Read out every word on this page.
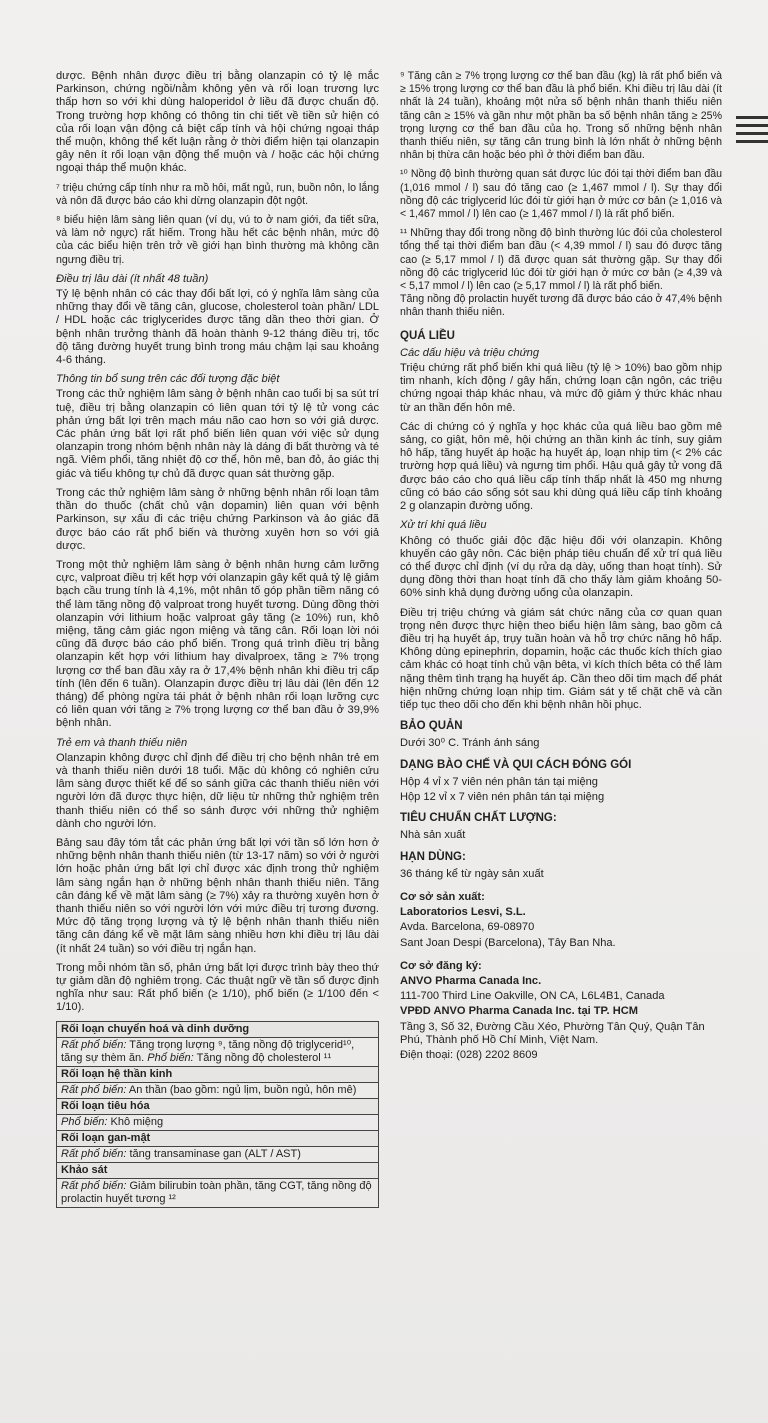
dược. Bệnh nhân được điều trị bằng olanzapin có tỷ lệ mắc Parkinson, chứng ngồi/nằm không yên và rối loạn trương lực thấp hơn so với khi dùng haloperidol ở liều đã được chuẩn độ. Trong trường hợp không có thông tin chi tiết về tiền sử hiện có của rối loạn vận động cả biệt cấp tính và hội chứng ngoại tháp thể muộn, không thể kết luận rằng ở thời điểm hiện tại olanzapin gây nên ít rối loạn vận động thể muộn và / hoặc các hội chứng ngoại tháp thể muộn khác.

⁷ triệu chứng cấp tính như ra mồ hôi, mất ngủ, run, buồn nôn, lo lắng và nôn đã được báo cáo khi dừng olanzapin đột ngột.

⁸ biểu hiện lâm sàng liên quan (ví dụ, vú to ở nam giới, đa tiết sữa, và làm nở ngực) rất hiếm. Trong hầu hết các bệnh nhân, mức độ của các biểu hiện trên trở về giới hạn bình thường mà không cần ngưng điều trị.

Điều trị lâu dài (ít nhất 48 tuần)

Tỷ lệ bệnh nhân có các thay đổi bất lợi, có ý nghĩa lâm sàng của những thay đổi về tăng cân, glucose, cholesterol toàn phần/ LDL / HDL hoặc các triglycerides được tăng dần theo thời gian. Ở bệnh nhân trưởng thành đã hoàn thành 9-12 tháng điều trị, tốc độ tăng đường huyết trung bình trong máu chậm lại sau khoảng 4-6 tháng.

Thông tin bổ sung trên các đối tượng đặc biệt

Trong các thử nghiệm lâm sàng ở bệnh nhân cao tuổi bị sa sút trí tuệ, điều trị bằng olanzapin có liên quan tới tỷ lệ tử vong các phản ứng bất lợi trên mạch máu não cao hơn so với giả dược. Các phản ứng bất lợi rất phổ biến liên quan với việc sử dụng olanzapin trong nhóm bệnh nhân này là dáng đi bất thường và té ngã. Viêm phổi, tăng nhiệt độ cơ thể, hôn mê, ban đỏ, ảo giác thị giác và tiểu không tự chủ đã được quan sát thường gặp.

Trong các thử nghiệm lâm sàng ở những bệnh nhân rối loạn tâm thần do thuốc (chất chủ vận dopamin) liên quan với bệnh Parkinson, sự xấu đi các triệu chứng Parkinson và ảo giác đã được báo cáo rất phổ biến và thường xuyên hơn so với giả dược.

Trong một thử nghiệm lâm sàng ở bệnh nhân hưng cảm lưỡng cực, valproat điều trị kết hợp với olanzapin gây kết quả tỷ lệ giảm bạch cầu trung tính là 4,1%, một nhân tố góp phần tiềm năng có thể làm tăng nồng độ valproat trong huyết tương. Dùng đồng thời olanzapin với lithium hoặc valproat gây tăng (≥ 10%) run, khô miệng, tăng cảm giác ngon miệng và tăng cân. Rối loạn lời nói cũng đã được báo cáo phổ biến. Trong quá trình điều trị bằng olanzapin kết hợp với lithium hay divalproex, tăng ≥ 7% trọng lượng cơ thể ban đầu xảy ra ở 17,4% bệnh nhân khi điều trị cấp tính (lên đến 6 tuần). Olanzapin được điều trị lâu dài (lên đến 12 tháng) để phòng ngừa tái phát ở bệnh nhân rối loạn lưỡng cực có liên quan với tăng ≥ 7% trọng lượng cơ thể ban đầu ở 39,9% bệnh nhân.

Trẻ em và thanh thiếu niên

Olanzapin không được chỉ định để điều trị cho bệnh nhân trẻ em và thanh thiếu niên dưới 18 tuổi. Mặc dù không có nghiên cứu lâm sàng được thiết kế để so sánh giữa các thanh thiếu niên với người lớn đã được thực hiện, dữ liệu từ những thử nghiệm trên thanh thiếu niên có thể so sánh được với những thử nghiệm dành cho người lớn.

Bảng sau đây tóm tắt các phản ứng bất lợi với tần số lớn hơn ở những bệnh nhân thanh thiếu niên (từ 13-17 năm) so với ở người lớn hoặc phản ứng bất lợi chỉ được xác định trong thử nghiệm lâm sàng ngắn hạn ở những bệnh nhân thanh thiếu niên. Tăng cân đáng kể về mặt lâm sàng (≥ 7%) xảy ra thường xuyên hơn ở thanh thiếu niên so với người lớn với mức điều trị tương đương. Mức độ tăng trọng lượng và tỷ lệ bệnh nhân thanh thiếu niên tăng cân đáng kể về mặt lâm sàng nhiều hơn khi điều trị lâu dài (ít nhất 24 tuần) so với điều trị ngắn hạn.

Trong mỗi nhóm tần số, phản ứng bất lợi được trình bày theo thứ tự giảm dần độ nghiêm trọng. Các thuật ngữ về tần số được định nghĩa như sau: Rất phổ biến (≥ 1/10), phổ biến (≥ 1/100 đến < 1/10).

Rối loạn chuyển hoá và dinh dưỡng
Rất phổ biến: Tăng trọng lượng ⁹, tăng nồng độ triglycerid¹⁰, tăng sự thèm ăn. Phổ biến: Tăng nồng độ cholesterol ¹¹
Rối loạn hệ thần kinh
Rất phổ biến: An thần (bao gồm: ngủ lịm, buồn ngủ, hôn mê)
Rối loạn tiêu hóa
Phổ biến: Khô miệng
Rối loạn gan-mật
Rất phổ biến: tăng transaminase gan (ALT / AST)
Khảo sát
Rất phổ biến: Giảm bilirubin toàn phần, tăng CGT, tăng nồng độ prolactin huyết tương ¹²

⁹ Tăng cân ≥ 7% trọng lượng cơ thể ban đầu (kg) là rất phổ biến và ≥ 15% trọng lượng cơ thể ban đầu là phổ biến. Khi điều trị lâu dài (ít nhất là 24 tuần), khoảng một nửa số bệnh nhân thanh thiếu niên tăng cân ≥ 15% và gần như một phần ba số bệnh nhân tăng ≥ 25% trọng lượng cơ thể ban đầu của họ. Trong số những bệnh nhân thanh thiếu niên, sự tăng cân trung bình là lớn nhất ở những bệnh nhân bị thừa cân hoặc béo phì ở thời điểm ban đầu.

¹⁰ Nồng độ bình thường quan sát được lúc đói tại thời điểm ban đầu (1,016 mmol / l) sau đó tăng cao (≥ 1,467 mmol / l). Sự thay đổi nồng độ các triglycerid lúc đói từ giới hạn ở mức cơ bản (≥ 1,016 và < 1,467 mmol / l) lên cao (≥ 1,467 mmol / l) là rất phổ biến.

¹¹ Những thay đổi trong nồng độ bình thường lúc đói của cholesterol tổng thể tại thời điểm ban đầu (< 4,39 mmol / l) sau đó được tăng cao (≥ 5,17 mmol / l) đã được quan sát thường gặp. Sự thay đổi nồng độ các triglycerid lúc đói từ giới hạn ở mức cơ bản (≥ 4,39 và < 5,17 mmol / l) lên cao (≥ 5,17 mmol / l) là rất phổ biến.

Tăng nồng độ prolactin huyết tương đã được báo cáo ở 47,4% bệnh nhân thanh thiếu niên.

QUÁ LIỀU
Các dấu hiệu và triệu chứng

Triệu chứng rất phổ biến khi quá liều (tỷ lệ > 10%) bao gồm nhịp tim nhanh, kích động / gây hấn, chứng loạn cận ngôn, các triệu chứng ngoại tháp khác nhau, và mức độ giảm ý thức khác nhau từ an thần đến hôn mê.

Các di chứng có ý nghĩa y học khác của quá liều bao gồm mê sảng, co giật, hôn mê, hội chứng an thần kinh ác tính, suy giảm hô hấp, tăng huyết áp hoặc hạ huyết áp, loạn nhịp tim (< 2% các trường hợp quá liều) và ngưng tim phổi. Hậu quả gây tử vong đã được báo cáo cho quá liều cấp tính thấp nhất là 450 mg nhưng cũng có báo cáo sống sót sau khi dùng quá liều cấp tính khoảng 2 g olanzapin đường uống.

Xử trí khi quá liều

Không có thuốc giải độc đặc hiệu đối với olanzapin. Không khuyến cáo gây nôn. Các biện pháp tiêu chuẩn để xử trí quá liều có thể được chỉ định (ví dụ rửa dạ dày, uống than hoạt tính). Sử dụng đồng thời than hoạt tính đã cho thấy làm giảm khoảng 50-60% sinh khả dụng đường uống của olanzapin.

Điều trị triệu chứng và giám sát chức năng của cơ quan quan trọng nên được thực hiện theo biểu hiện lâm sàng, bao gồm cả điều trị hạ huyết áp, trụy tuần hoàn và hỗ trợ chức năng hô hấp. Không dùng epinephrin, dopamin, hoặc các thuốc kích thích giao cảm khác có hoạt tính chủ vận bêta, vì kích thích bêta có thể làm nặng thêm tình trạng hạ huyết áp. Cần theo dõi tim mạch để phát hiện những chứng loạn nhịp tim. Giám sát y tế chặt chẽ và cần tiếp tục theo dõi cho đến khi bệnh nhân hồi phục.

BẢO QUẢN
Dưới 30⁰ C. Tránh ánh sáng
DẠNG BÀO CHẾ VÀ QUI CÁCH ĐÓNG GÓI
Hộp 4 vỉ x 7 viên nén phân tán tại miệng
Hộp 12 vỉ x 7 viên nén phân tán tại miệng
TIÊU CHUẨN CHẤT LƯỢNG:
Nhà sản xuất
HẠN DÙNG:
36 tháng kể từ ngày sản xuất
Cơ sở sản xuất:
Laboratorios Lesvi, S.L.
Avda. Barcelona, 69-08970
Sant Joan Despi (Barcelona), Tây Ban Nha.
Cơ sở đăng ký:
ANVO Pharma Canada Inc.
111-700 Third Line Oakville, ON CA, L6L4B1, Canada
VPĐD ANVO Pharma Canada Inc. tại TP. HCM
Tầng 3, Số 32, Đường Cầu Xéo, Phường Tân Quý, Quận Tân Phú, Thành phố Hồ Chí Minh, Việt Nam.
Điện thoại: (028) 2202 8609
